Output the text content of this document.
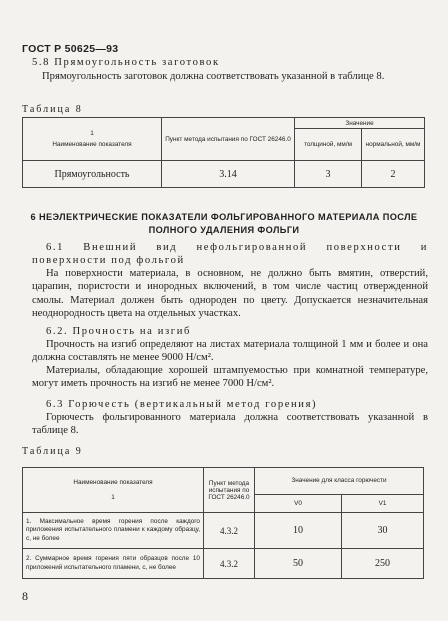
ГОСТ Р 50625—93
5.8 Прямоугольность заготовок
Прямоугольность заготовок должна соответствовать указанной в таблице 8.
Таблица 8
1
Наименование показателя	Пункт метода испытания по ГОСТ 26246.0	Значение	
		толщиной, мм/м	нормальной, мм/м
Прямоугольность	3.14	3	2
6 НЕЭЛЕКТРИЧЕСКИЕ ПОКАЗАТЕЛИ ФОЛЬГИРОВАННОГО МАТЕРИАЛА ПОСЛЕ ПОЛНОГО УДАЛЕНИЯ ФОЛЬГИ
6.1 Внешний вид нефольгированной поверхности и поверхности под фольгой
На поверхности материала, в основном, не должно быть вмятин, отверстий, царапин, пористости и инородных включений, в том числе частиц отвержденной смолы. Материал должен быть однороден по цвету. Допускается незначительная неоднородность цвета на отдельных участках.
6.2. Прочность на изгиб
Прочность на изгиб определяют на листах материала толщиной 1 мм и более и она должна составлять не менее 9000 Н/см².
Материалы, обладающие хорошей штампуемостью при комнатной температуре, могут иметь прочность на изгиб не менее 7000 Н/см².
6.3 Горючесть (вертикальный метод горения)
Горючесть фольгированного материала должна соответствовать указанной в таблице 8.
Таблица 9
Наименование показателя
1	Пункт метода испытания по ГОСТ 26246.0	Значение для класса горючести	
		V0	V1
1. Максимальное время горения после каждого приложения испытательного пламени к каждому образцу, с, не более	4.3.2	10	30
2. Суммарное время горения пяти образцов после 10 приложений испытательного пламени, с, не более	4.3.2	50	250
8
